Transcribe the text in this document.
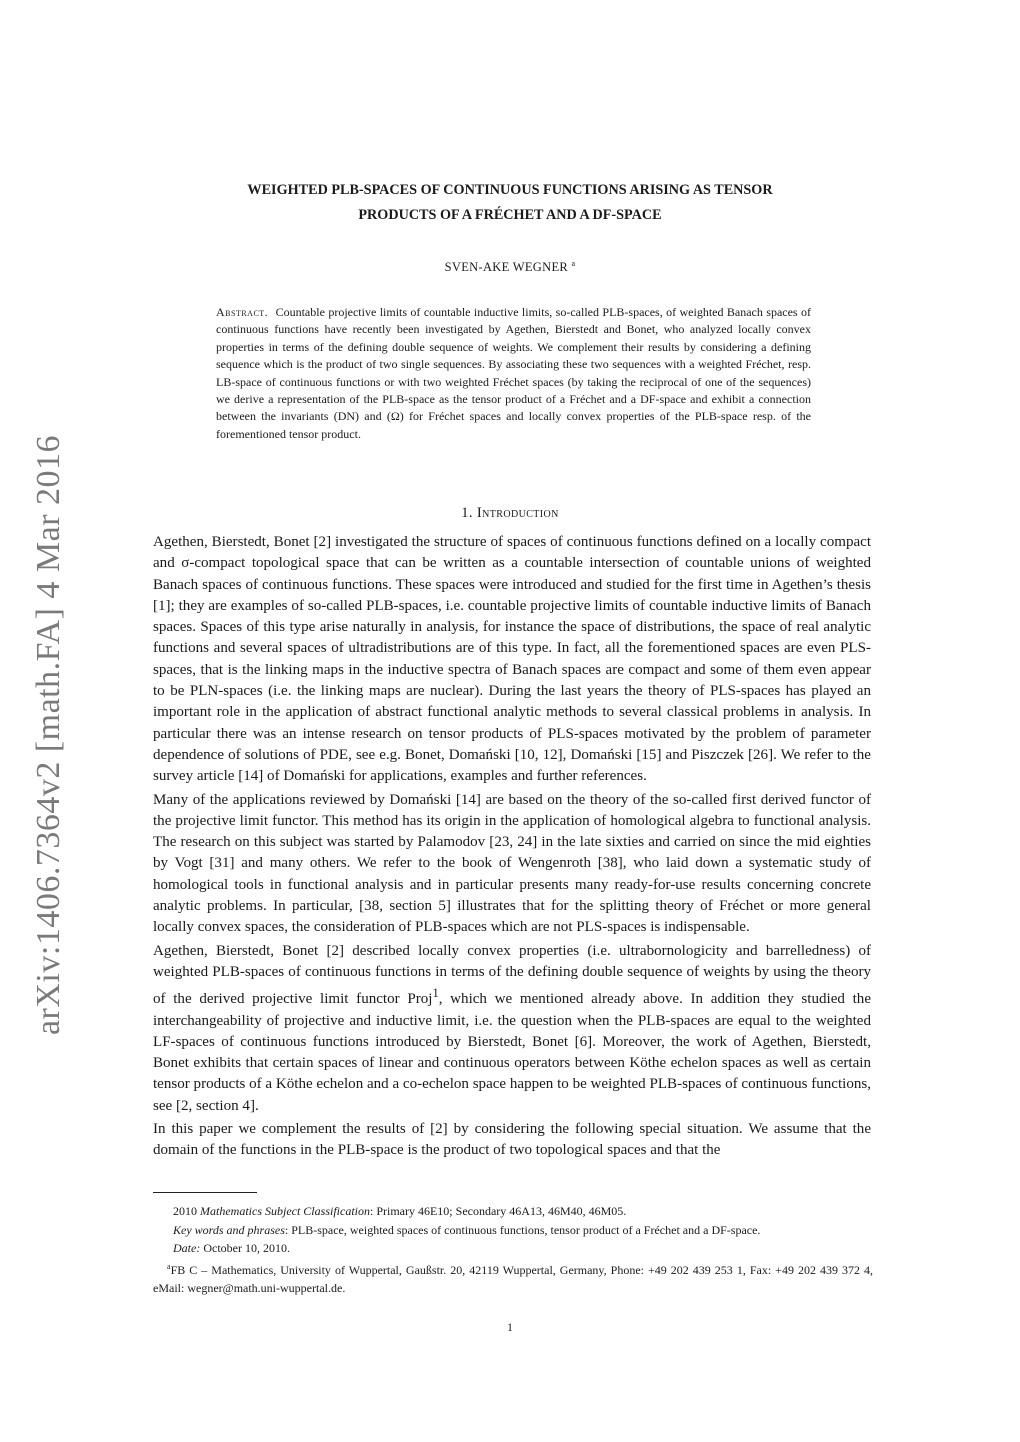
arXiv:1406.7364v2 [math.FA] 4 Mar 2016
WEIGHTED PLB-SPACES OF CONTINUOUS FUNCTIONS ARISING AS TENSOR
PRODUCTS OF A FRÉCHET AND A DF-SPACE
SVEN-AKE WEGNER $^a$
Abstract. Countable projective limits of countable inductive limits, so-called PLB-spaces, of weighted Banach spaces of continuous functions have recently been investigated by Agethen, Bierstedt and Bonet, who analyzed locally convex properties in terms of the defining double sequence of weights. We complement their results by considering a defining sequence which is the product of two single sequences. By associating these two sequences with a weighted Fréchet, resp. LB-space of continuous functions or with two weighted Fréchet spaces (by taking the reciprocal of one of the sequences) we derive a representation of the PLB-space as the tensor product of a Fréchet and a DF-space and exhibit a connection between the invariants (DN) and (Ω) for Fréchet spaces and locally convex properties of the PLB-space resp. of the forementioned tensor product.
1. Introduction

Agethen, Bierstedt, Bonet [2] investigated the structure of spaces of continuous functions defined on a locally compact and σ-compact topological space that can be written as a countable intersection of countable unions of weighted Banach spaces of continuous functions. These spaces were introduced and studied for the first time in Agethen’s thesis [1]; they are examples of so-called PLB-spaces, i.e. countable projective limits of countable inductive limits of Banach spaces. Spaces of this type arise naturally in analysis, for instance the space of distributions, the space of real analytic functions and several spaces of ultradistributions are of this type. In fact, all the forementioned spaces are even PLS-spaces, that is the linking maps in the inductive spectra of Banach spaces are compact and some of them even appear to be PLN-spaces (i.e. the linking maps are nuclear). During the last years the theory of PLS-spaces has played an important role in the application of abstract functional analytic methods to several classical problems in analysis. In particular there was an intense research on tensor products of PLS-spaces motivated by the problem of parameter dependence of solutions of PDE, see e.g. Bonet, Domański [10, 12], Domański [15] and Piszczek [26]. We refer to the survey article [14] of Domański for applications, examples and further references.

Many of the applications reviewed by Domański [14] are based on the theory of the so-called first derived functor of the projective limit functor. This method has its origin in the application of homological algebra to functional analysis. The research on this subject was started by Palamodov [23, 24] in the late sixties and carried on since the mid eighties by Vogt [31] and many others. We refer to the book of Wengenroth [38], who laid down a systematic study of homological tools in functional analysis and in particular presents many ready-for-use results concerning concrete analytic problems. In particular, [38, section 5] illustrates that for the splitting theory of Fréchet or more general locally convex spaces, the consideration of PLB-spaces which are not PLS-spaces is indispensable.

Agethen, Bierstedt, Bonet [2] described locally convex properties (i.e. ultrabornologicity and barrelledness) of weighted PLB-spaces of continuous functions in terms of the defining double sequence of weights by using the theory of the derived projective limit functor Proj$^1$, which we mentioned already above. In addition they studied the interchangeability of projective and inductive limit, i.e. the question when the PLB-spaces are equal to the weighted LF-spaces of continuous functions introduced by Bierstedt, Bonet [6]. Moreover, the work of Agethen, Bierstedt, Bonet exhibits that certain spaces of linear and continuous operators between Köthe echelon spaces as well as certain tensor products of a Köthe echelon and a co-echelon space happen to be weighted PLB-spaces of continuous functions, see [2, section 4].

In this paper we complement the results of [2] by considering the following special situation. We assume that the domain of the functions in the PLB-space is the product of two topological spaces and that the

2010 Mathematics Subject Classification: Primary 46E10; Secondary 46A13, 46M40, 46M05.
Key words and phrases: PLB-space, weighted spaces of continuous functions, tensor product of a Fréchet and a DF-space.
Date: October 10, 2010.
$^a$FB C – Mathematics, University of Wuppertal, Gaußstr. 20, 42119 Wuppertal, Germany, Phone: +49 202 439 253 1, Fax: +49 202 439 372 4, eMail: wegner@math.uni-wuppertal.de.
1
